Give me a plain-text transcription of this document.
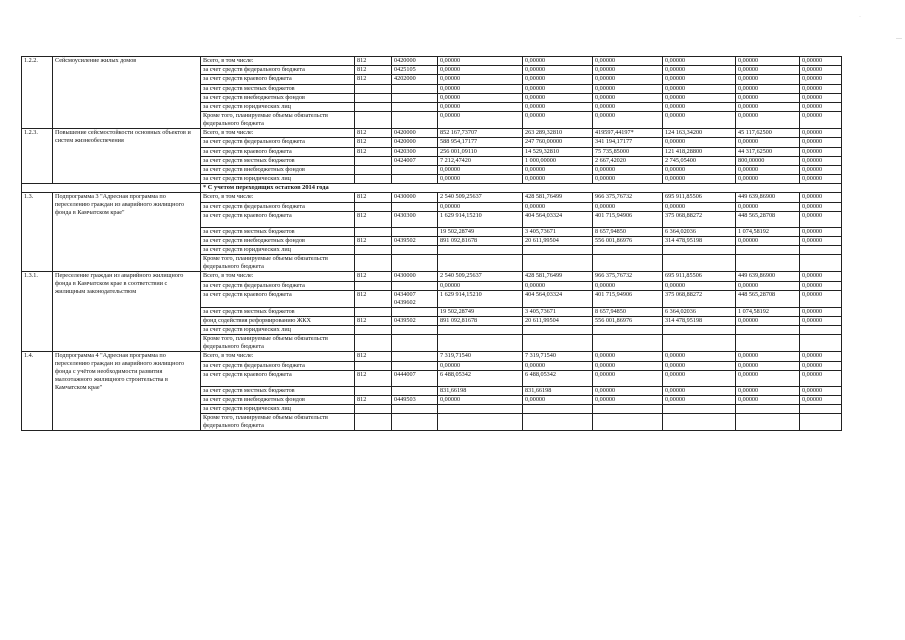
·
—
1.2.2.	Сейсмоусиление жилых домов	Всего, в том числе:	812	0420000	0,00000	0,00000	0,00000	0,00000	0,00000	0,00000
		за счет средств федерального бюджета	812	0425105	0,00000	0,00000	0,00000	0,00000	0,00000	0,00000
		за счет средств краевого бюджета	812	4202000	0,00000	0,00000	0,00000	0,00000	0,00000	0,00000
		за счет средств местных бюджетов			0,00000	0,00000	0,00000	0,00000	0,00000	0,00000
		за счет средств внебюджетных фондов			0,00000	0,00000	0,00000	0,00000	0,00000	0,00000
		за счет средств юридических лиц			0,00000	0,00000	0,00000	0,00000	0,00000	0,00000
		Кроме того, планируемые объемы обязательств федерального бюджета			0,00000	0,00000	0,00000	0,00000	0,00000	0,00000
1.2.3.	Повышение сейсмостойкости основных объектов и систем жизнеобеспечения	Всего, в том числе:	812	0420000	852 167,73707	263 289,32810	419597,44197*	124 163,34200	45 117,62500	0,00000
		за счет средств федерального бюджета	812	0420000	588 954,17177	247 760,00000	341 194,17177	0,00000	0,00000	0,00000
		за счет средств краевого бюджета	812	0420300	256 001,09110	14 529,32810	75 735,85000	121 418,28800	44 317,62500	0,00000
		за счет средств местных бюджетов		0424007	7 212,47420	1 000,00000	2 667,42020	2 745,05400	800,00000	0,00000
		за счет средств внебюджетных фондов			0,00000	0,00000	0,00000	0,00000	0,00000	0,00000
		за счет средств юридических лиц			0,00000	0,00000	0,00000	0,00000	0,00000	0,00000
		* С учетом переходящих остатков 2014 года								
1.3.	Подпрограмма 3 "Адресная программа по переселению граждан из аварийного жилищного фонда в Камчатском крае"	Всего, в том числе:	812	0430000	2 540 509,25637	428 581,76499	966 375,76732	695 911,85506	449 639,86900	0,00000
		за счет средств федерального бюджета			0,00000	0,00000	0,00000	0,00000	0,00000	0,00000
		за счет средств краевого бюджета	812	0430300	1 629 914,15210	404 564,03324	401 715,94906	375 068,88272	448 565,28708	0,00000
		за счет средств местных бюджетов			19 502,28749	3 405,73671	8 657,94850	6 364,02036	1 074,58192	0,00000
		за счет средств внебюджетных фондов	812	0439502	891 092,81678	20 611,99504	556 001,86976	314 478,95198	0,00000	0,00000
		за счет средств юридических лиц								
		Кроме того, планируемые объемы обязательств федерального бюджета								
1.3.1.	Переселение граждан из аварийного жилищного фонда в Камчатском крае в соответствии с жилищным законодательством	Всего, в том числе:	812	0430000	2 540 509,25637	428 581,76499	966 375,76732	695 911,85506	449 639,86900	0,00000
		за счет средств федерального бюджета			0,00000	0,00000	0,00000	0,00000	0,00000	0,00000
		за счет средств краевого бюджета	812	0434007 0439602	1 629 914,15210	404 564,03324	401 715,94906	375 068,88272	448 565,28708	0,00000
		за счет средств местных бюджетов			19 502,28749	3 405,73671	8 657,94850	6 364,02036	1 074,58192	0,00000
		фонд содействия реформированию ЖКХ	812	0439502	891 092,81678	20 611,99504	556 001,86976	314 478,95198	0,00000	0,00000
		за счет средств юридических лиц								
		Кроме того, планируемые объемы обязательств федерального бюджета								
1.4.	Подпрограмма 4 "Адресная программа по переселению граждан из аварийного жилищного фонда с учётом необходимости развития малоэтажного жилищного строительства в Камчатском крае"	Всего, в том числе:	812		7 319,71540	7 319,71540	0,00000	0,00000	0,00000	0,00000
		за счет средств федерального бюджета			0,00000	0,00000	0,00000	0,00000	0,00000	0,00000
		за счет средств краевого бюджета	812	0444007	6 488,05342	6 488,05342	0,00000	0,00000	0,00000	0,00000
		за счет средств местных бюджетов			831,66198	831,66198	0,00000	0,00000	0,00000	0,00000
		за счет средств внебюджетных фондов	812	0449503	0,00000	0,00000	0,00000	0,00000	0,00000	0,00000
		за счет средств юридических лиц								
		Кроме того, планируемые объемы обязательств федерального бюджета								
